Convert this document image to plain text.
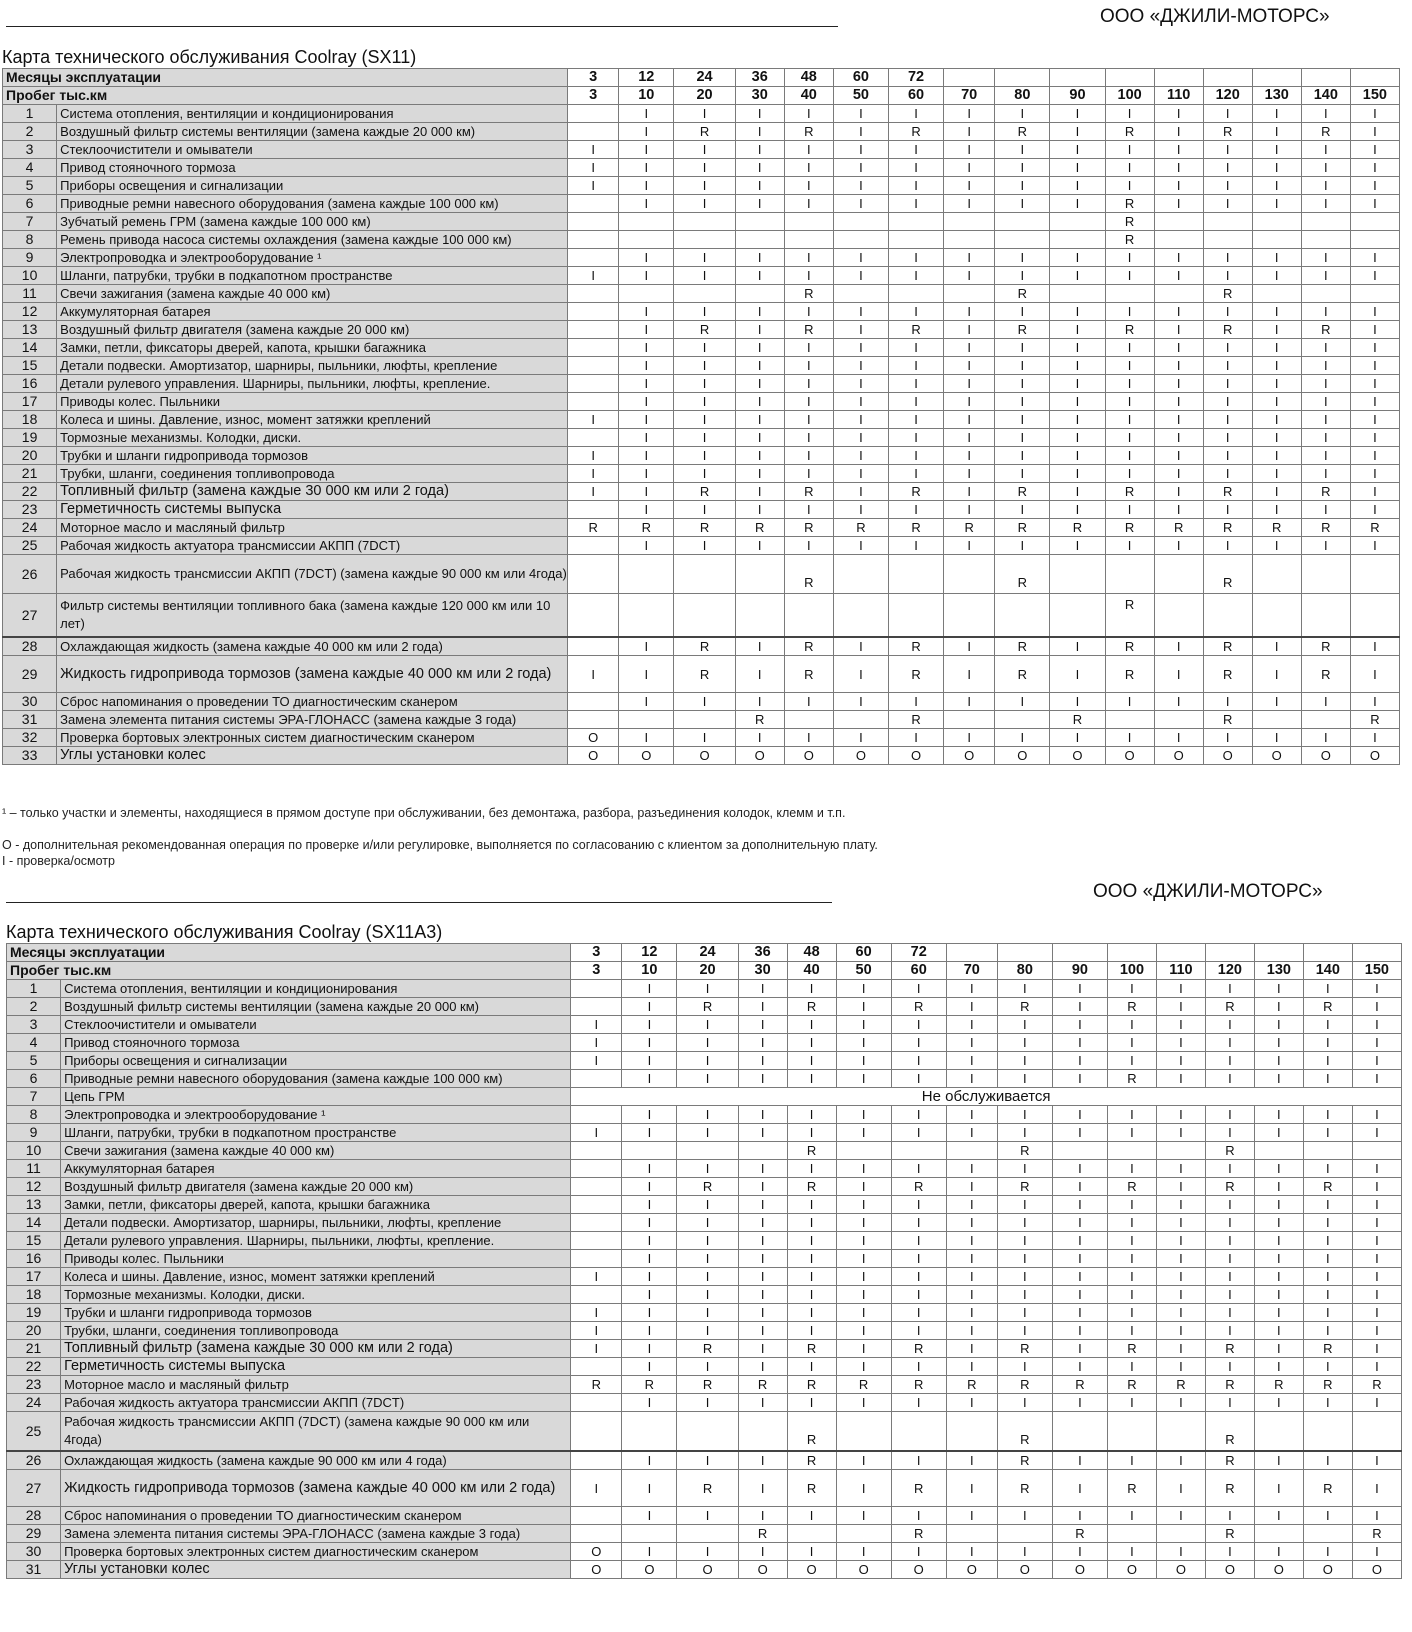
ООО «ДЖИЛИ-МОТОРС»
Карта технического обслуживания Coolray (SX11)
Месяцы эксплуатации		3	12	24	36	48	60	72									
Пробег тыс.км		3	10	20	30	40	50	60	70	80	90	100	110	120	130	140	150
1	Система отопления, вентиляции и кондиционирования		I	I	I	I	I	I	I	I	I	I	I	I	I	I	I
2	Воздушный фильтр системы вентиляции (замена каждые 20 000 км)		I	R	I	R	I	R	I	R	I	R	I	R	I	R	I
3	Стеклоочистители и омыватели	I	I	I	I	I	I	I	I	I	I	I	I	I	I	I	I
4	Привод стояночного тормоза	I	I	I	I	I	I	I	I	I	I	I	I	I	I	I	I
5	Приборы освещения и сигнализации	I	I	I	I	I	I	I	I	I	I	I	I	I	I	I	I
6	Приводные ремни навесного оборудования (замена каждые 100 000 км)		I	I	I	I	I	I	I	I	I	R	I	I	I	I	I
7	Зубчатый ремень ГРМ (замена каждые 100 000 км)											R					
8	Ремень привода насоса системы охлаждения (замена каждые 100 000 км)											R					
9	Электропроводка и электрооборудование ¹		I	I	I	I	I	I	I	I	I	I	I	I	I	I	I
10	Шланги, патрубки, трубки в подкапотном пространстве	I	I	I	I	I	I	I	I	I	I	I	I	I	I	I	I
11	Свечи зажигания (замена каждые 40 000 км)					R				R				R			
12	Аккумуляторная батарея		I	I	I	I	I	I	I	I	I	I	I	I	I	I	I
13	Воздушный фильтр двигателя (замена каждые 20 000 км)		I	R	I	R	I	R	I	R	I	R	I	R	I	R	I
14	Замки, петли, фиксаторы дверей, капота, крышки багажника		I	I	I	I	I	I	I	I	I	I	I	I	I	I	I
15	Детали подвески. Амортизатор, шарниры, пыльники, люфты, крепление		I	I	I	I	I	I	I	I	I	I	I	I	I	I	I
16	Детали рулевого управления. Шарниры, пыльники, люфты, крепление.		I	I	I	I	I	I	I	I	I	I	I	I	I	I	I
17	Приводы колес. Пыльники		I	I	I	I	I	I	I	I	I	I	I	I	I	I	I
18	Колеса и шины. Давление, износ, момент затяжки креплений	I	I	I	I	I	I	I	I	I	I	I	I	I	I	I	I
19	Тормозные механизмы. Колодки, диски.		I	I	I	I	I	I	I	I	I	I	I	I	I	I	I
20	Трубки и шланги гидропривода тормозов	I	I	I	I	I	I	I	I	I	I	I	I	I	I	I	I
21	Трубки, шланги, соединения топливопровода	I	I	I	I	I	I	I	I	I	I	I	I	I	I	I	I
22	Топливный фильтр (замена каждые 30 000 км или 2 года)	I	I	R	I	R	I	R	I	R	I	R	I	R	I	R	I
23	Герметичность системы выпуска		I	I	I	I	I	I	I	I	I	I	I	I	I	I	I
24	Моторное масло и масляный фильтр	R	R	R	R	R	R	R	R	R	R	R	R	R	R	R	R
25	Рабочая жидкость актуатора трансмиссии АКПП (7DCT)		I	I	I	I	I	I	I	I	I	I	I	I	I	I	I
26	Рабочая жидкость трансмиссии АКПП (7DCT) (замена каждые 90 000 км или 4года)					R				R				R			
27	Фильтр системы вентиляции топливного бака (замена каждые 120 000 км или 10 лет)											R					
28	Охлаждающая жидкость (замена каждые 40 000 км или 2 года)		I	R	I	R	I	R	I	R	I	R	I	R	I	R	I
29	Жидкость гидропривода тормозов (замена каждые 40 000 км или 2 года)	I	I	R	I	R	I	R	I	R	I	R	I	R	I	R	I
30	Сброс напоминания о проведении ТО диагностическим сканером		I	I	I	I	I	I	I	I	I	I	I	I	I	I	I
31	Замена элемента питания системы ЭРА-ГЛОНАСС (замена каждые 3 года)				R			R			R			R			R
32	Проверка бортовых электронных систем диагностическим сканером	O	I	I	I	I	I	I	I	I	I	I	I	I	I	I	I
33	Углы установки колес	O	O	O	O	O	O	O	O	O	O	O	O	O	O	O	O
¹ – только участки и элементы, находящиеся в прямом доступе при обслуживании, без демонтажа, разбора, разъединения колодок, клемм и т.п.
O - дополнительная рекомендованная операция по проверке и/или регулировке, выполняется по согласованию с клиентом за дополнительную плату.
I - проверка/осмотр
ООО «ДЖИЛИ-МОТОРС»
Карта технического обслуживания Coolray (SX11A3)
Месяцы эксплуатации		3	12	24	36	48	60	72									
Пробег тыс.км		3	10	20	30	40	50	60	70	80	90	100	110	120	130	140	150
1	Система отопления, вентиляции и кондиционирования		I	I	I	I	I	I	I	I	I	I	I	I	I	I	I
2	Воздушный фильтр системы вентиляции (замена каждые 20 000 км)		I	R	I	R	I	R	I	R	I	R	I	R	I	R	I
3	Стеклоочистители и омыватели	I	I	I	I	I	I	I	I	I	I	I	I	I	I	I	I
4	Привод стояночного тормоза	I	I	I	I	I	I	I	I	I	I	I	I	I	I	I	I
5	Приборы освещения и сигнализации	I	I	I	I	I	I	I	I	I	I	I	I	I	I	I	I
6	Приводные ремни навесного оборудования (замена каждые 100 000 км)		I	I	I	I	I	I	I	I	I	R	I	I	I	I	I
7	Цепь ГРМ	Не обслуживается															
8	Электропроводка и электрооборудование ¹		I	I	I	I	I	I	I	I	I	I	I	I	I	I	I
9	Шланги, патрубки, трубки в подкапотном пространстве	I	I	I	I	I	I	I	I	I	I	I	I	I	I	I	I
10	Свечи зажигания (замена каждые 40 000 км)					R				R				R			
11	Аккумуляторная батарея		I	I	I	I	I	I	I	I	I	I	I	I	I	I	I
12	Воздушный фильтр двигателя (замена каждые 20 000 км)		I	R	I	R	I	R	I	R	I	R	I	R	I	R	I
13	Замки, петли, фиксаторы дверей, капота, крышки багажника		I	I	I	I	I	I	I	I	I	I	I	I	I	I	I
14	Детали подвески. Амортизатор, шарниры, пыльники, люфты, крепление		I	I	I	I	I	I	I	I	I	I	I	I	I	I	I
15	Детали рулевого управления. Шарниры, пыльники, люфты, крепление.		I	I	I	I	I	I	I	I	I	I	I	I	I	I	I
16	Приводы колес. Пыльники		I	I	I	I	I	I	I	I	I	I	I	I	I	I	I
17	Колеса и шины. Давление, износ, момент затяжки креплений	I	I	I	I	I	I	I	I	I	I	I	I	I	I	I	I
18	Тормозные механизмы. Колодки, диски.		I	I	I	I	I	I	I	I	I	I	I	I	I	I	I
19	Трубки и шланги гидропривода тормозов	I	I	I	I	I	I	I	I	I	I	I	I	I	I	I	I
20	Трубки, шланги, соединения топливопровода	I	I	I	I	I	I	I	I	I	I	I	I	I	I	I	I
21	Топливный фильтр (замена каждые 30 000 км или 2 года)	I	I	R	I	R	I	R	I	R	I	R	I	R	I	R	I
22	Герметичность системы выпуска		I	I	I	I	I	I	I	I	I	I	I	I	I	I	I
23	Моторное масло и масляный фильтр	R	R	R	R	R	R	R	R	R	R	R	R	R	R	R	R
24	Рабочая жидкость актуатора трансмиссии АКПП (7DCT)		I	I	I	I	I	I	I	I	I	I	I	I	I	I	I
25	Рабочая жидкость трансмиссии АКПП (7DCT) (замена каждые 90 000 км или 4года)					R				R				R			
26	Охлаждающая жидкость (замена каждые 90 000 км или 4 года)		I	I	I	R	I	I	I	R	I	I	I	R	I	I	I
27	Жидкость гидропривода тормозов (замена каждые 40 000 км или 2 года)	I	I	R	I	R	I	R	I	R	I	R	I	R	I	R	I
28	Сброс напоминания о проведении ТО диагностическим сканером		I	I	I	I	I	I	I	I	I	I	I	I	I	I	I
29	Замена элемента питания системы ЭРА-ГЛОНАСС (замена каждые 3 года)				R			R			R			R			R
30	Проверка бортовых электронных систем диагностическим сканером	O	I	I	I	I	I	I	I	I	I	I	I	I	I	I	I
31	Углы установки колес	O	O	O	O	O	O	O	O	O	O	O	O	O	O	O	O
